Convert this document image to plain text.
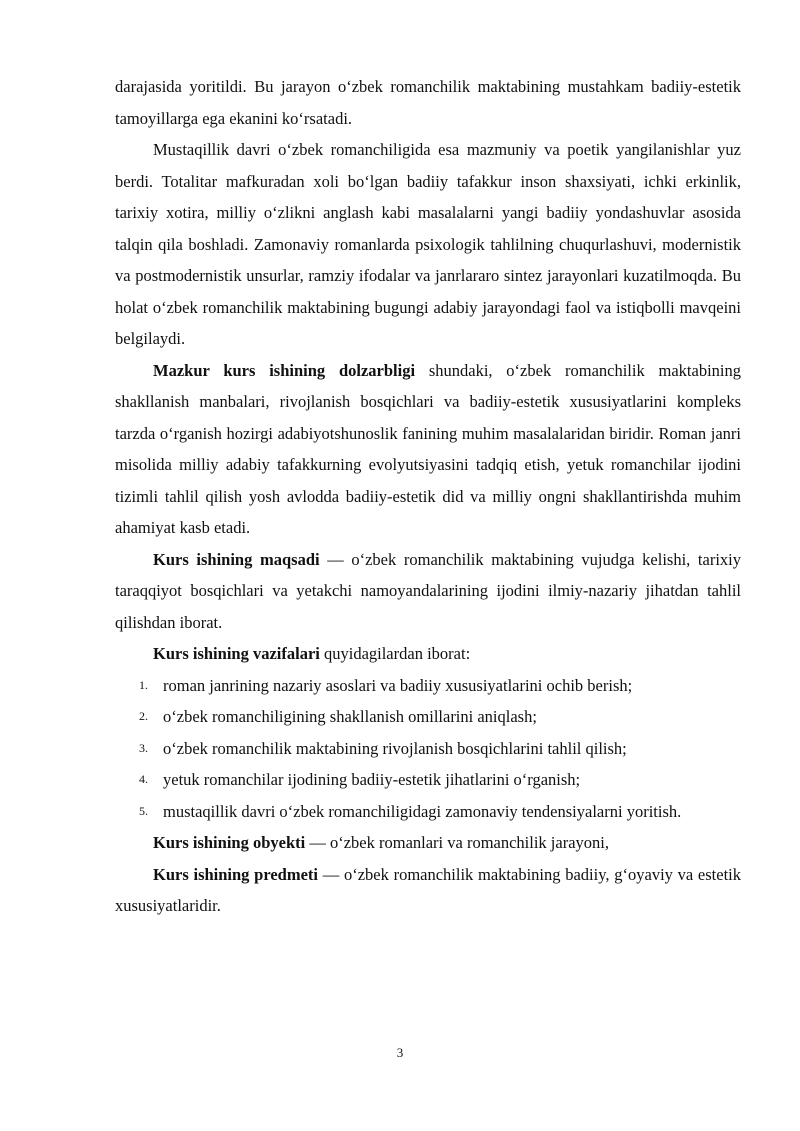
darajasida yoritildi. Bu jarayon o‘zbek romanchilik maktabining mustahkam badiiy-estetik tamoyillarga ega ekanini ko‘rsatadi.

Mustaqillik davri o‘zbek romanchiligida esa mazmuniy va poetik yangilanishlar yuz berdi. Totalitar mafkuradan xoli bo‘lgan badiiy tafakkur inson shaxsiyati, ichki erkinlik, tarixiy xotira, milliy o‘zlikni anglash kabi masalalarni yangi badiiy yondashuvlar asosida talqin qila boshladi. Zamonaviy romanlarda psixologik tahlilning chuqurlashuvi, modernistik va postmodernistik unsurlar, ramziy ifodalar va janrlararo sintez jarayonlari kuzatilmoqda. Bu holat o‘zbek romanchilik maktabining bugungi adabiy jarayondagi faol va istiqbolli mavqeini belgilaydi.

Mazkur kurs ishining dolzarbligi shundaki, o‘zbek romanchilik maktabining shakllanish manbalari, rivojlanish bosqichlari va badiiy-estetik xususiyatlarini kompleks tarzda o‘rganish hozirgi adabiyotshunoslik fanining muhim masalalaridan biridir. Roman janri misolida milliy adabiy tafakkurning evolyutsiyasini tadqiq etish, yetuk romanchilar ijodini tizimli tahlil qilish yosh avlodda badiiy-estetik did va milliy ongni shakllantirishda muhim ahamiyat kasb etadi.

Kurs ishining maqsadi — o‘zbek romanchilik maktabining vujudga kelishi, tarixiy taraqqiyot bosqichlari va yetakchi namoyandalarining ijodini ilmiy-nazariy jihatdan tahlil qilishdan iborat.

Kurs ishining vazifalari quyidagilardan iborat:

1. roman janrining nazariy asoslari va badiiy xususiyatlarini ochib berish;
2. o‘zbek romanchiligining shakllanish omillarini aniqlash;
3. o‘zbek romanchilik maktabining rivojlanish bosqichlarini tahlil qilish;
4. yetuk romanchilar ijodining badiiy-estetik jihatlarini o‘rganish;
5. mustaqillik davri o‘zbek romanchiligidagi zamonaviy tendensiyalarni yoritish.

Kurs ishining obyekti — o‘zbek romanlari va romanchilik jarayoni,

Kurs ishining predmeti — o‘zbek romanchilik maktabining badiiy, g‘oyaviy va estetik xususiyatlaridir.

3
